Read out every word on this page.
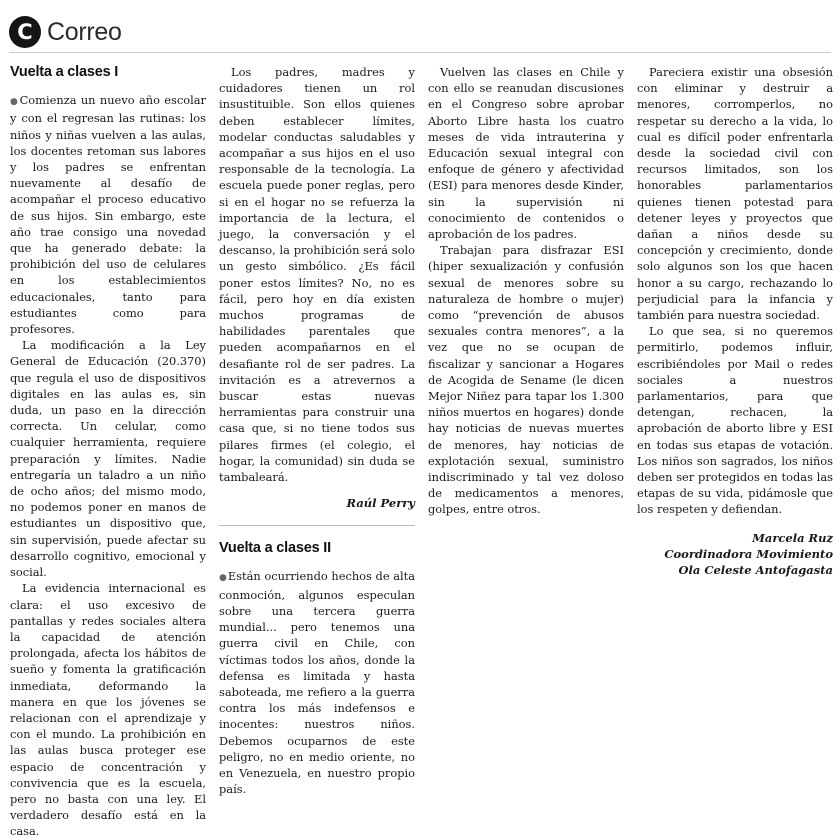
C Correo
Vuelta a clases I

●Comienza un nuevo año escolar y con el regresan las rutinas: los niños y niñas vuelven a las aulas, los docentes retoman sus labores y los padres se enfrentan nuevamente al desafío de acompañar el proceso educativo de sus hijos. Sin embargo, este año trae consigo una novedad que ha generado debate: la prohibición del uso de celulares en los establecimientos educacionales, tanto para estudiantes como para profesores.

La modificación a la Ley General de Educación (20.370) que regula el uso de dispositivos digitales en las aulas es, sin duda, un paso en la dirección correcta. Un celular, como cualquier herramienta, requiere preparación y límites. Nadie entregaría un taladro a un niño de ocho años; del mismo modo, no podemos poner en manos de estudiantes un dispositivo que, sin supervisión, puede afectar su desarrollo cognitivo, emocional y social.

La evidencia internacional es clara: el uso excesivo de pantallas y redes sociales altera la capacidad de atención prolongada, afecta los hábitos de sueño y fomenta la gratificación inmediata, deformando la manera en que los jóvenes se relacionan con el aprendizaje y con el mundo. La prohibición en las aulas busca proteger ese espacio de concentración y convivencia que es la escuela, pero no basta con una ley. El verdadero desafío está en la casa.

Los padres, madres y cuidadores tienen un rol insustituible. Son ellos quienes deben establecer límites, modelar conductas saludables y acompañar a sus hijos en el uso responsable de la tecnología. La escuela puede poner reglas, pero si en el hogar no se refuerza la importancia de la lectura, el juego, la conversación y el descanso, la prohibición será solo un gesto simbólico. ¿Es fácil poner estos límites? No, no es fácil, pero hoy en día existen muchos programas de habilidades parentales que pueden acompañarnos en el desafiante rol de ser padres. La invitación es a atrevernos a buscar estas nuevas herramientas para construir una casa que, si no tiene todos sus pilares firmes (el colegio, el hogar, la comunidad) sin duda se tambaleará.

Raúl Perry
Vuelta a clases II

●Están ocurriendo hechos de alta conmoción, algunos especulan sobre una tercera guerra mundial... pero tenemos una guerra civil en Chile, con víctimas todos los años, donde la defensa es limitada y hasta saboteada, me refiero a la guerra contra los más indefensos e inocentes: nuestros niños. Debemos ocuparnos de este peligro, no en medio oriente, no en Venezuela, en nuestro propio país.

Vuelven las clases en Chile y con ello se reanudan discusiones en el Congreso sobre aprobar Aborto Libre hasta los cuatro meses de vida intrauterina y Educación sexual integral con enfoque de género y afectividad (ESI) para menores desde Kinder, sin la supervisión ni conocimiento de contenidos o aprobación de los padres.

Trabajan para disfrazar ESI (hiper sexualización y confusión sexual de menores sobre su naturaleza de hombre o mujer) como “prevención de abusos sexuales contra menores”, a la vez que no se ocupan de fiscalizar y sancionar a Hogares de Acogida de Sename (le dicen Mejor Niñez para tapar los 1.300 niños muertos en hogares) donde hay noticias de nuevas muertes de menores, hay noticias de explotación sexual, suministro indiscriminado y tal vez doloso de medicamentos a menores, golpes, entre otros.

Pareciera existir una obsesión con eliminar y destruir a menores, corromperlos, no respetar su derecho a la vida, lo cual es difícil poder enfrentarla desde la sociedad civil con recursos limitados, son los honorables parlamentarios quienes tienen potestad para detener leyes y proyectos que dañan a niños desde su concepción y crecimiento, donde solo algunos son los que hacen honor a su cargo, rechazando lo perjudicial para la infancia y también para nuestra sociedad.

Lo que sea, si no queremos permitirlo, podemos influir, escribiéndoles por Mail o redes sociales a nuestros parlamentarios, para que detengan, rechacen, la aprobación de aborto libre y ESI en todas sus etapas de votación. Los niños son sagrados, los niños deben ser protegidos en todas las etapas de su vida, pidámosle que los respeten y defiendan.

Marcela Ruz
Coordinadora Movimiento
Ola Celeste Antofagasta
